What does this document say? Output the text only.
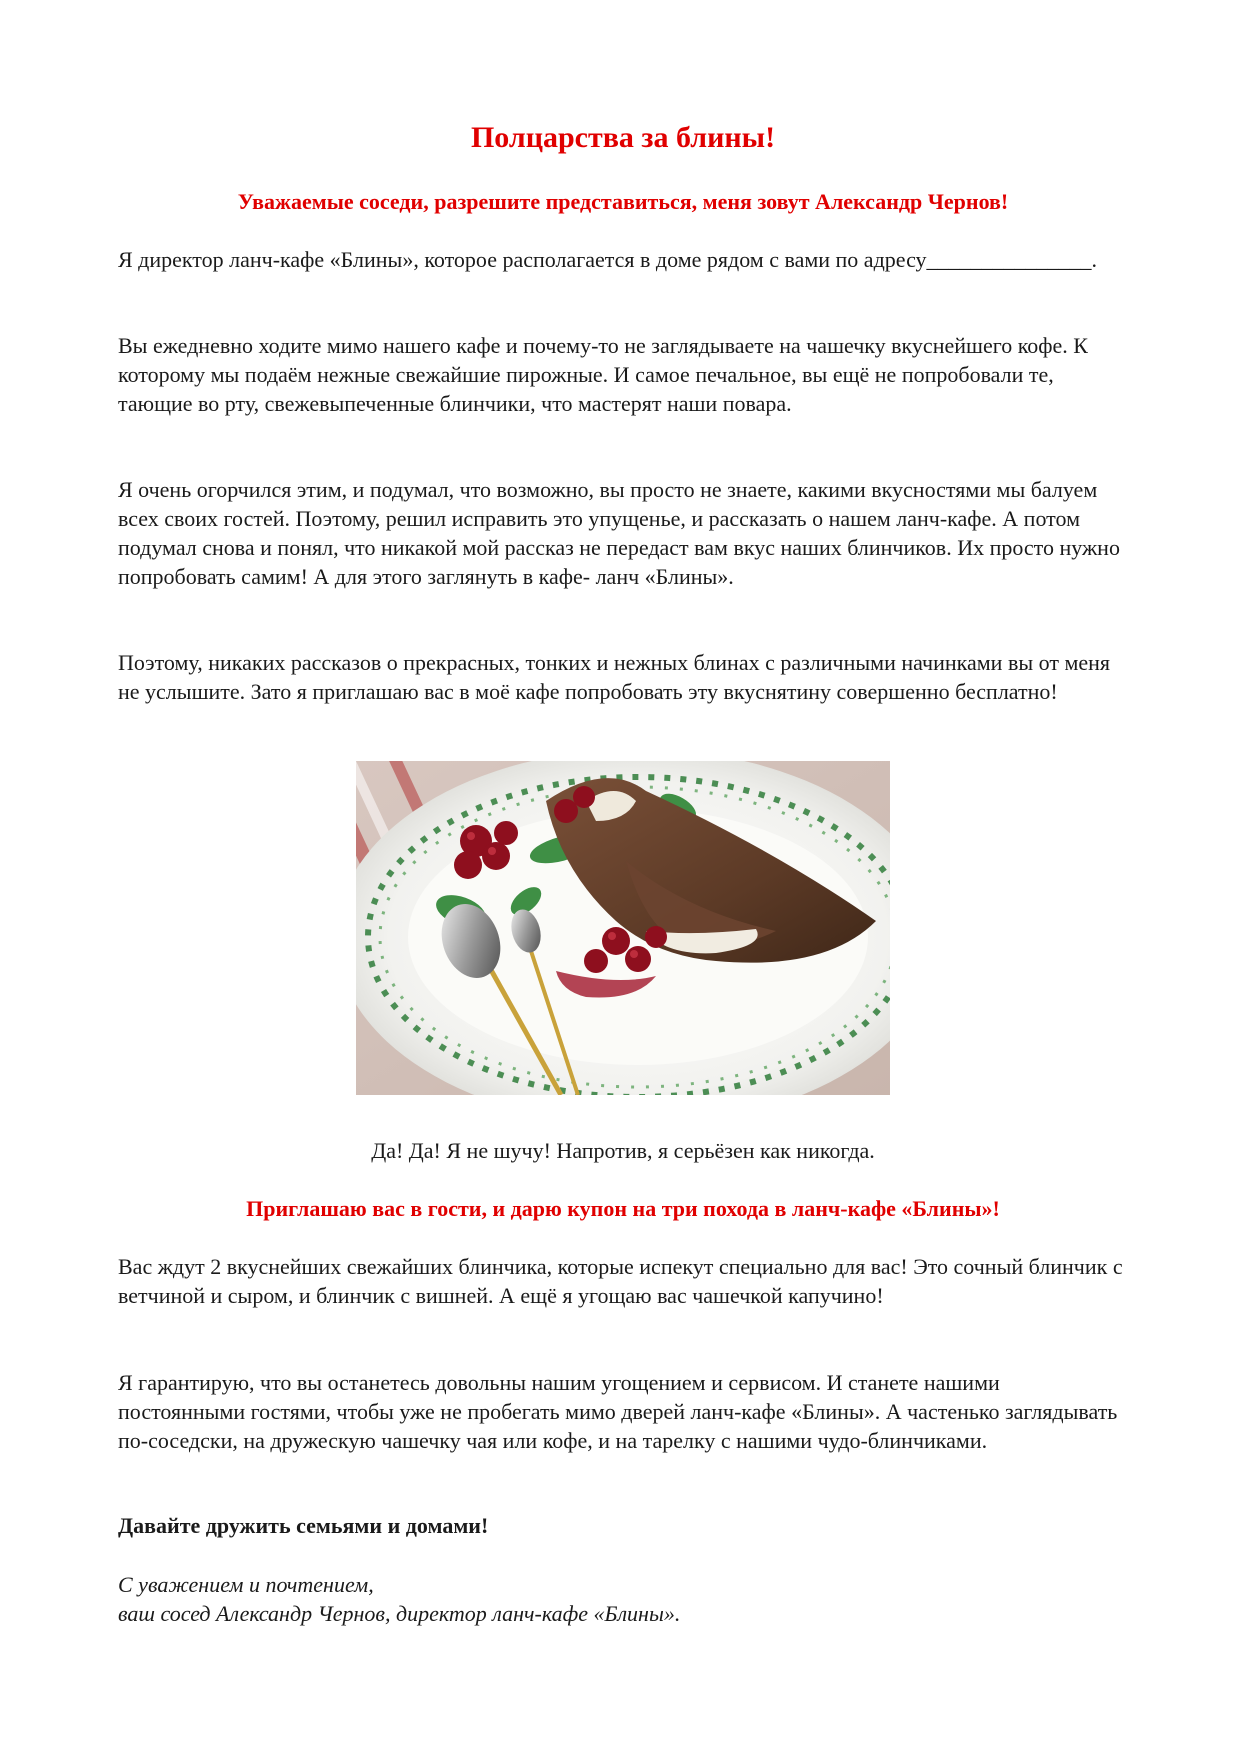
Полцарства за блины!
Уважаемые соседи, разрешите представиться, меня зовут Александр Чернов!

Я директор ланч-кафе «Блины», которое располагается в доме рядом с вами по адресу_______________.

Вы ежедневно ходите мимо нашего кафе и почему-то не заглядываете на чашечку вкуснейшего кофе. К которому мы подаём нежные свежайшие пирожные. И самое печальное, вы ещё не попробовали те, тающие во рту, свежевыпеченные блинчики, что мастерят наши повара.

Я очень огорчился этим, и подумал, что возможно, вы просто не знаете, какими вкусностями мы балуем всех своих гостей. Поэтому, решил исправить это упущенье, и рассказать о нашем ланч-кафе. А потом подумал снова и понял, что никакой мой рассказ не передаст вам вкус наших блинчиков. Их просто нужно попробовать самим! А для этого заглянуть в кафе- ланч «Блины».

Поэтому, никаких рассказов о прекрасных, тонких и нежных блинах с различными начинками вы от меня не услышите. Зато я приглашаю вас в моё кафе попробовать эту вкуснятину совершенно бесплатно!

Да! Да! Я не шучу! Напротив, я серьёзен как никогда.

Приглашаю вас в гости, и дарю купон на три похода в ланч-кафе «Блины»!

Вас ждут 2 вкуснейших свежайших блинчика, которые испекут специально для вас! Это сочный блинчик с ветчиной и сыром, и блинчик с вишней. А ещё я угощаю вас чашечкой капучино!

Я гарантирую, что вы останетесь довольны нашим угощением и сервисом. И станете нашими постоянными гостями, чтобы уже не пробегать мимо дверей ланч-кафе «Блины». А частенько заглядывать по-соседски, на дружескую чашечку чая или кофе, и на тарелку с нашими чудо-блинчиками.

Давайте дружить семьями и домами!

С уважением и почтением,
ваш сосед Александр Чернов, директор ланч-кафе «Блины».
